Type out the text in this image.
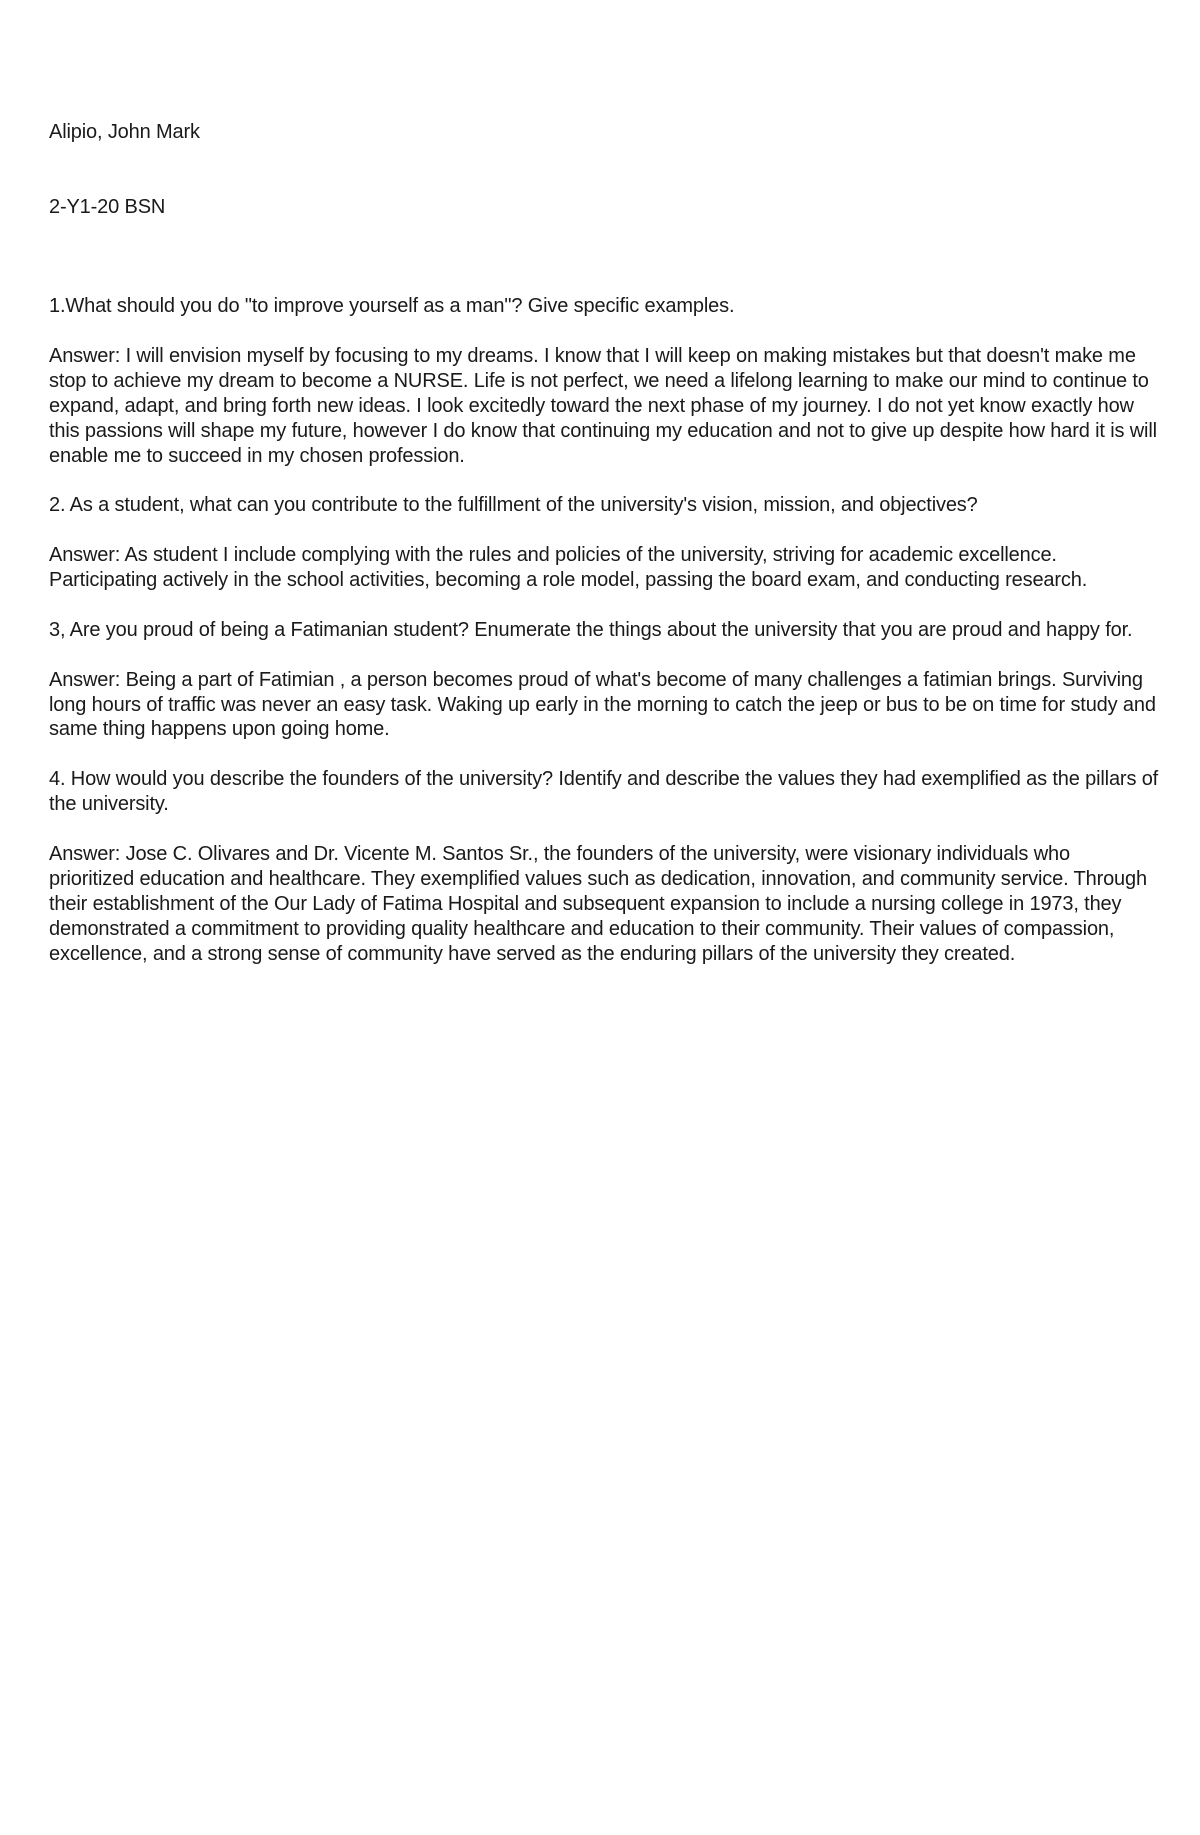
Alipio, John Mark

2-Y1-20 BSN

1.What should you do "to improve yourself as a man"? Give specific examples.
Answer: I will envision myself by focusing to my dreams. I know that I will keep on making mistakes but that doesn't make me stop to achieve my dream to become a NURSE. Life is not perfect, we need a lifelong learning to make our mind to continue to expand, adapt, and bring forth new ideas. I look excitedly toward the next phase of my journey. I do not yet know exactly how this passions will shape my future, however I do know that continuing my education and not to give up despite how hard it is will enable me to succeed in my chosen profession.
2. As a student, what can you contribute to the fulfillment of the university's vision, mission, and objectives?
Answer: As student I include complying with the rules and policies of the university, striving for academic excellence. Participating actively in the school activities, becoming a role model, passing the board exam, and conducting research.
3, Are you proud of being a Fatimanian student? Enumerate the things about the university that you are proud and happy for.
Answer: Being a part of Fatimian , a person becomes proud of what's become of many challenges a fatimian brings. Surviving long hours of traffic was never an easy task. Waking up early in the morning to catch the jeep or bus to be on time for study and same thing happens upon going home.
4. How would you describe the founders of the university? Identify and describe the values they had exemplified as the pillars of the university.
Answer: Jose C. Olivares and Dr. Vicente M. Santos Sr., the founders of the university, were visionary individuals who prioritized education and healthcare. They exemplified values such as dedication, innovation, and community service. Through their establishment of the Our Lady of Fatima Hospital and subsequent expansion to include a nursing college in 1973, they demonstrated a commitment to providing quality healthcare and education to their community. Their values of compassion, excellence, and a strong sense of community have served as the enduring pillars of the university they created.
